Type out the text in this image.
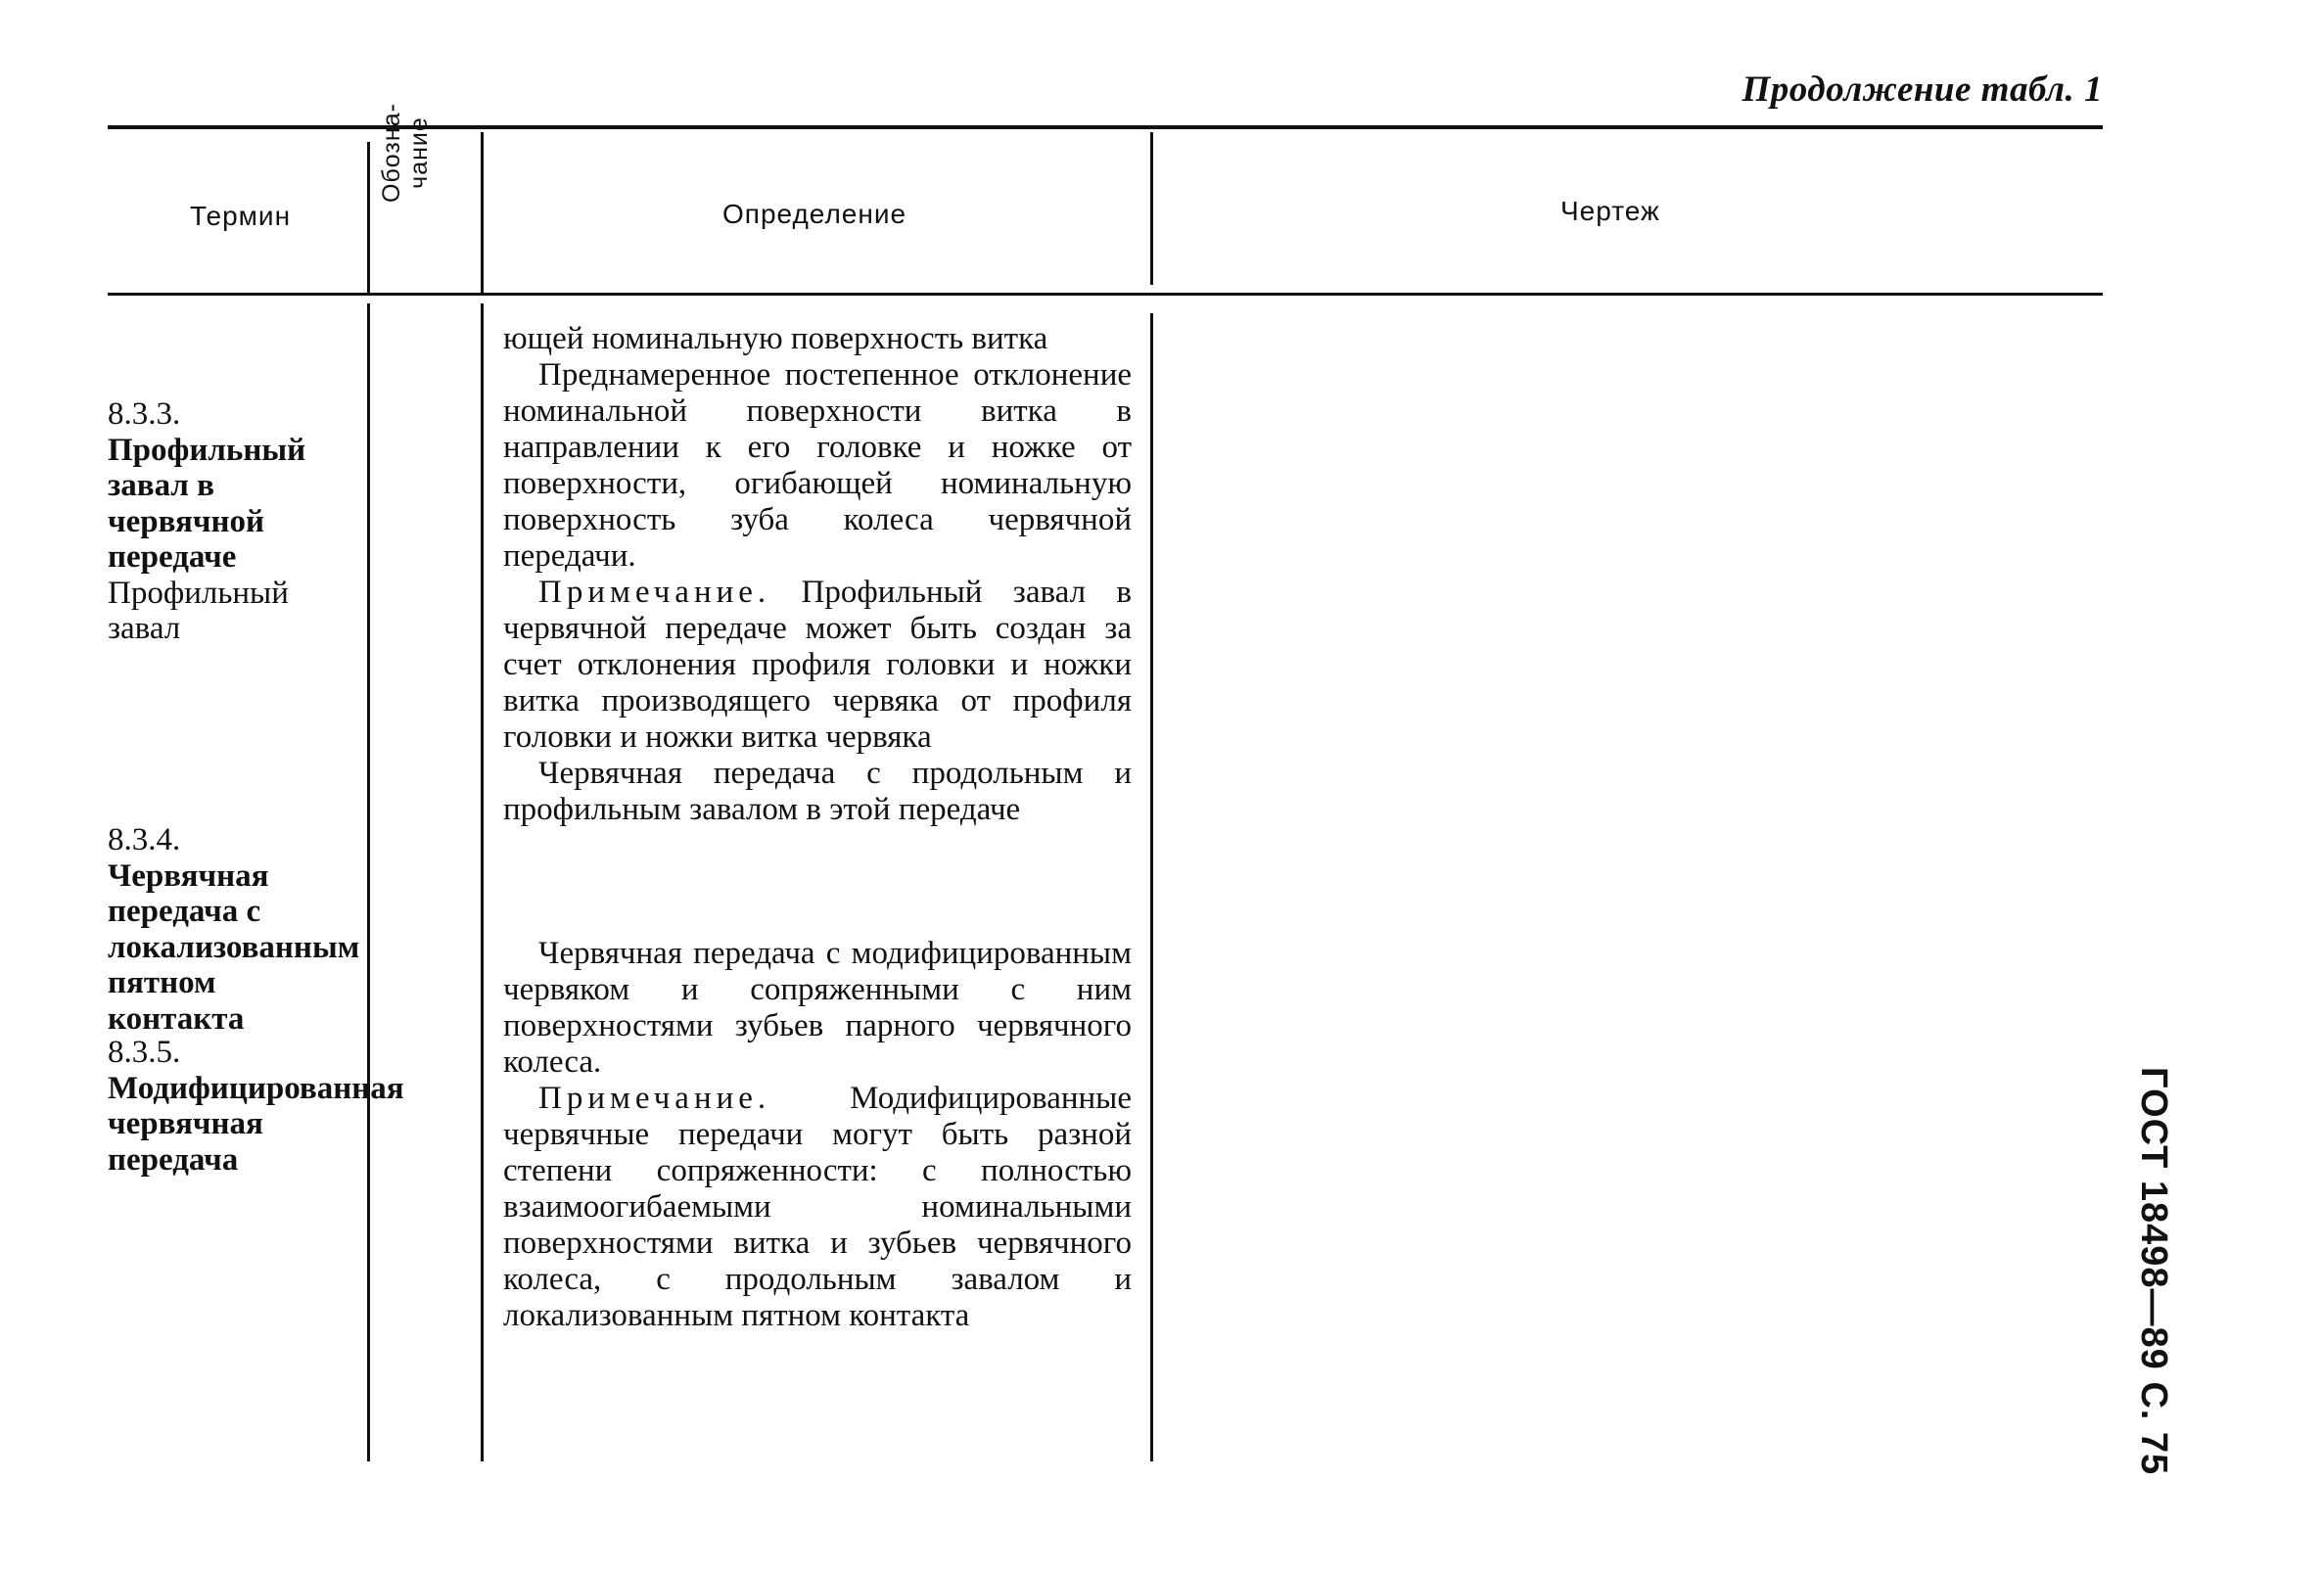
Продолжение табл. 1
Термин
Обозна- чание
Определение	Чертеж
8.3.3. Профильный завал в червячной передаче
Профильный завал
8.3.4. Червячная передача с локализованным пятном контакта
8.3.5. Модифицированная червячная передача

ющей номинальную поверхность витка

Преднамеренное постепенное отклонение номинальной поверхности витка в направлении к его головке и ножке от поверхности, огибающей номинальную поверхность зуба колеса червячной передачи.

Примечание. Профильный завал в червячной передаче может быть создан за счет отклонения профиля головки и ножки витка производящего червяка от профиля головки и ножки витка червяка

Червячная передача с продольным и профильным завалом в этой передаче

Червячная передача с модифицированным червяком и сопряженными с ним поверхностями зубьев парного червячного колеса.

Примечание. Модифицированные червячные передачи могут быть разной степени сопряженности: с полностью взаимоогибаемыми номинальными поверхностями витка и зубьев червячного колеса, с продольным завалом и локализованным пятном контакта	ГОСТ 18498—89 С. 75
